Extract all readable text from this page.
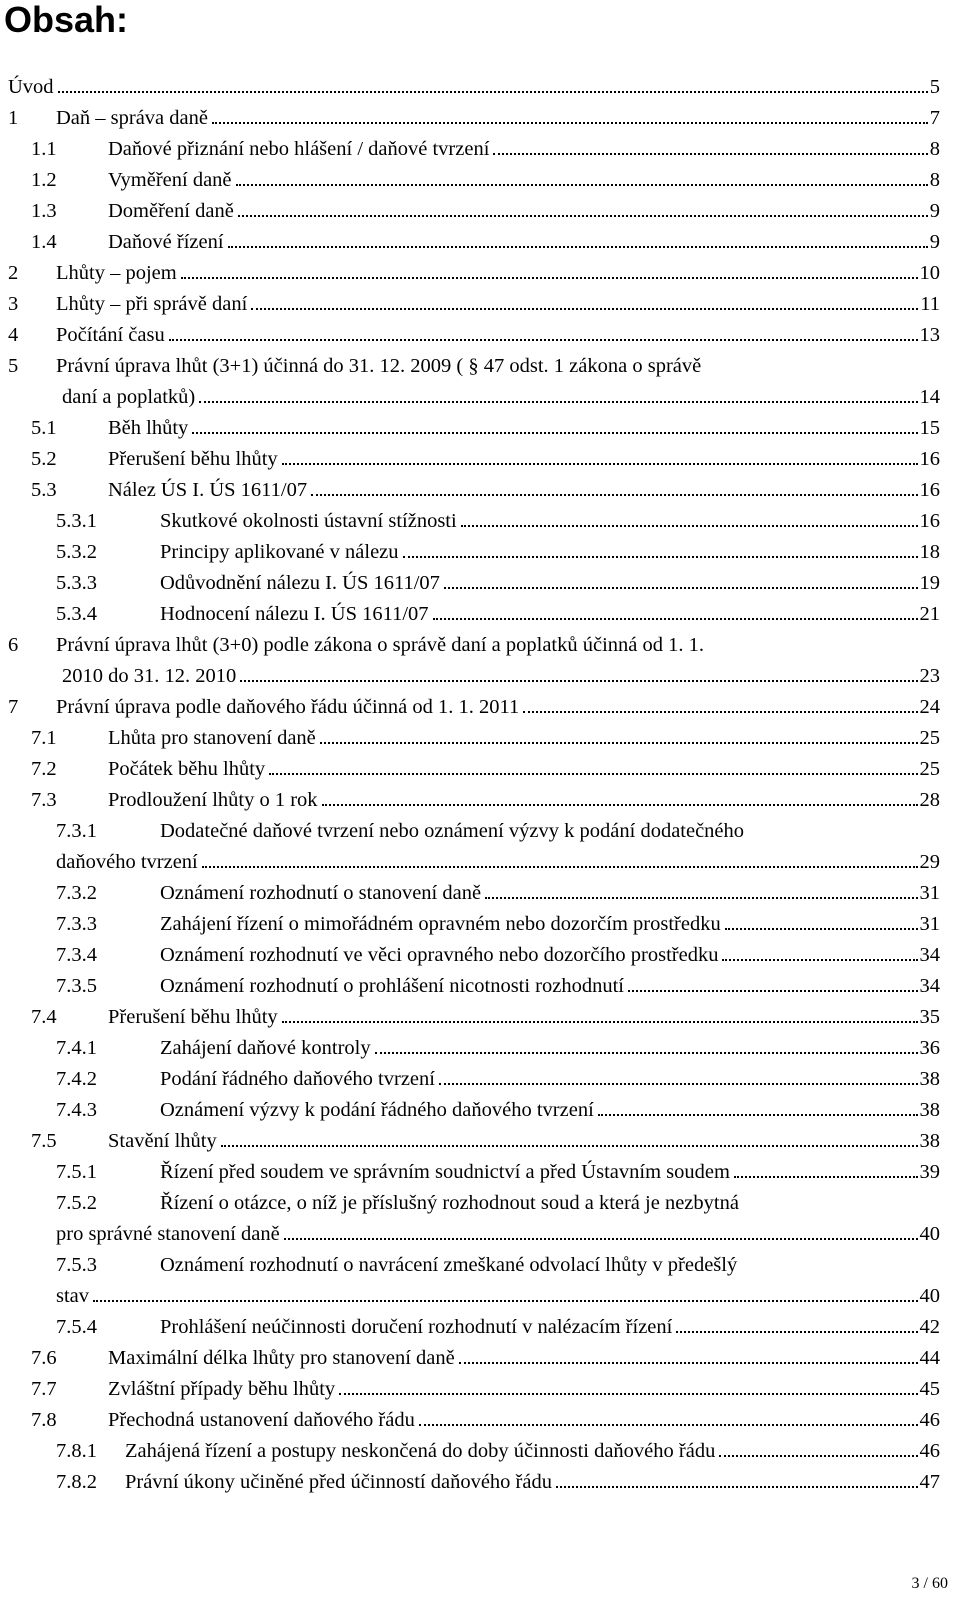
Obsah:
Úvod	5
1 Daň – správa daně	7
1.1	Daňové přiznání nebo hlášení / daňové tvrzení	8
1.2	Vyměření daně	8
1.3	Doměření daně	9
1.4	Daňové řízení	9
2 Lhůty – pojem	10
3 Lhůty – při správě daní	11
4 Počítání času	13
5 Právní úprava lhůt (3+1) účinná do 31. 12. 2009 ( § 47 odst. 1 zákona o správě
daní a poplatků)	14
5.1	Běh lhůty	15
5.2	Přerušení běhu lhůty	16
5.3	Nález ÚS I. ÚS 1611/07	16
5.3.1	Skutkové okolnosti ústavní stížnosti	16
5.3.2	Principy aplikované v nálezu	18
5.3.3	Odůvodnění nálezu I. ÚS 1611/07	19
5.3.4	Hodnocení nálezu I. ÚS 1611/07	21
6 Právní úprava lhůt (3+0) podle zákona o správě daní a poplatků účinná od 1. 1.
2010 do 31. 12. 2010	23
7 Právní úprava podle daňového řádu účinná od 1. 1. 2011	24
7.1	Lhůta pro stanovení daně	25
7.2	Počátek běhu lhůty	25
7.3	Prodloužení lhůty o 1 rok	28
7.3.1	Dodatečné daňové tvrzení nebo oznámení výzvy k podání dodatečného
daňového tvrzení	29
7.3.2	Oznámení rozhodnutí o stanovení daně	31
7.3.3	Zahájení řízení o mimořádném opravném nebo dozorčím prostředku	31
7.3.4	Oznámení rozhodnutí ve věci opravného nebo dozorčího prostředku	34
7.3.5	Oznámení rozhodnutí o prohlášení nicotnosti rozhodnutí	34
7.4	Přerušení běhu lhůty	35
7.4.1	Zahájení daňové kontroly	36
7.4.2	Podání řádného daňového tvrzení	38
7.4.3	Oznámení výzvy k podání řádného daňového tvrzení	38
7.5	Stavění lhůty	38
7.5.1	Řízení před soudem ve správním soudnictví a před Ústavním soudem	39
7.5.2	Řízení o otázce, o níž je příslušný rozhodnout soud a která je nezbytná
pro správné stanovení daně	40
7.5.3	Oznámení rozhodnutí o navrácení zmeškané odvolací lhůty v předešlý
stav	40
7.5.4	Prohlášení neúčinnosti doručení rozhodnutí v nalézacím řízení	42
7.6	Maximální délka lhůty pro stanovení daně	44
7.7	Zvláštní případy běhu lhůty	45
7.8	Přechodná ustanovení daňového řádu	46
7.8.1 Zahájená řízení a postupy neskončená do doby účinnosti daňového řádu	46
7.8.2 Právní úkony učiněné před účinností daňového řádu	47
3 / 60
